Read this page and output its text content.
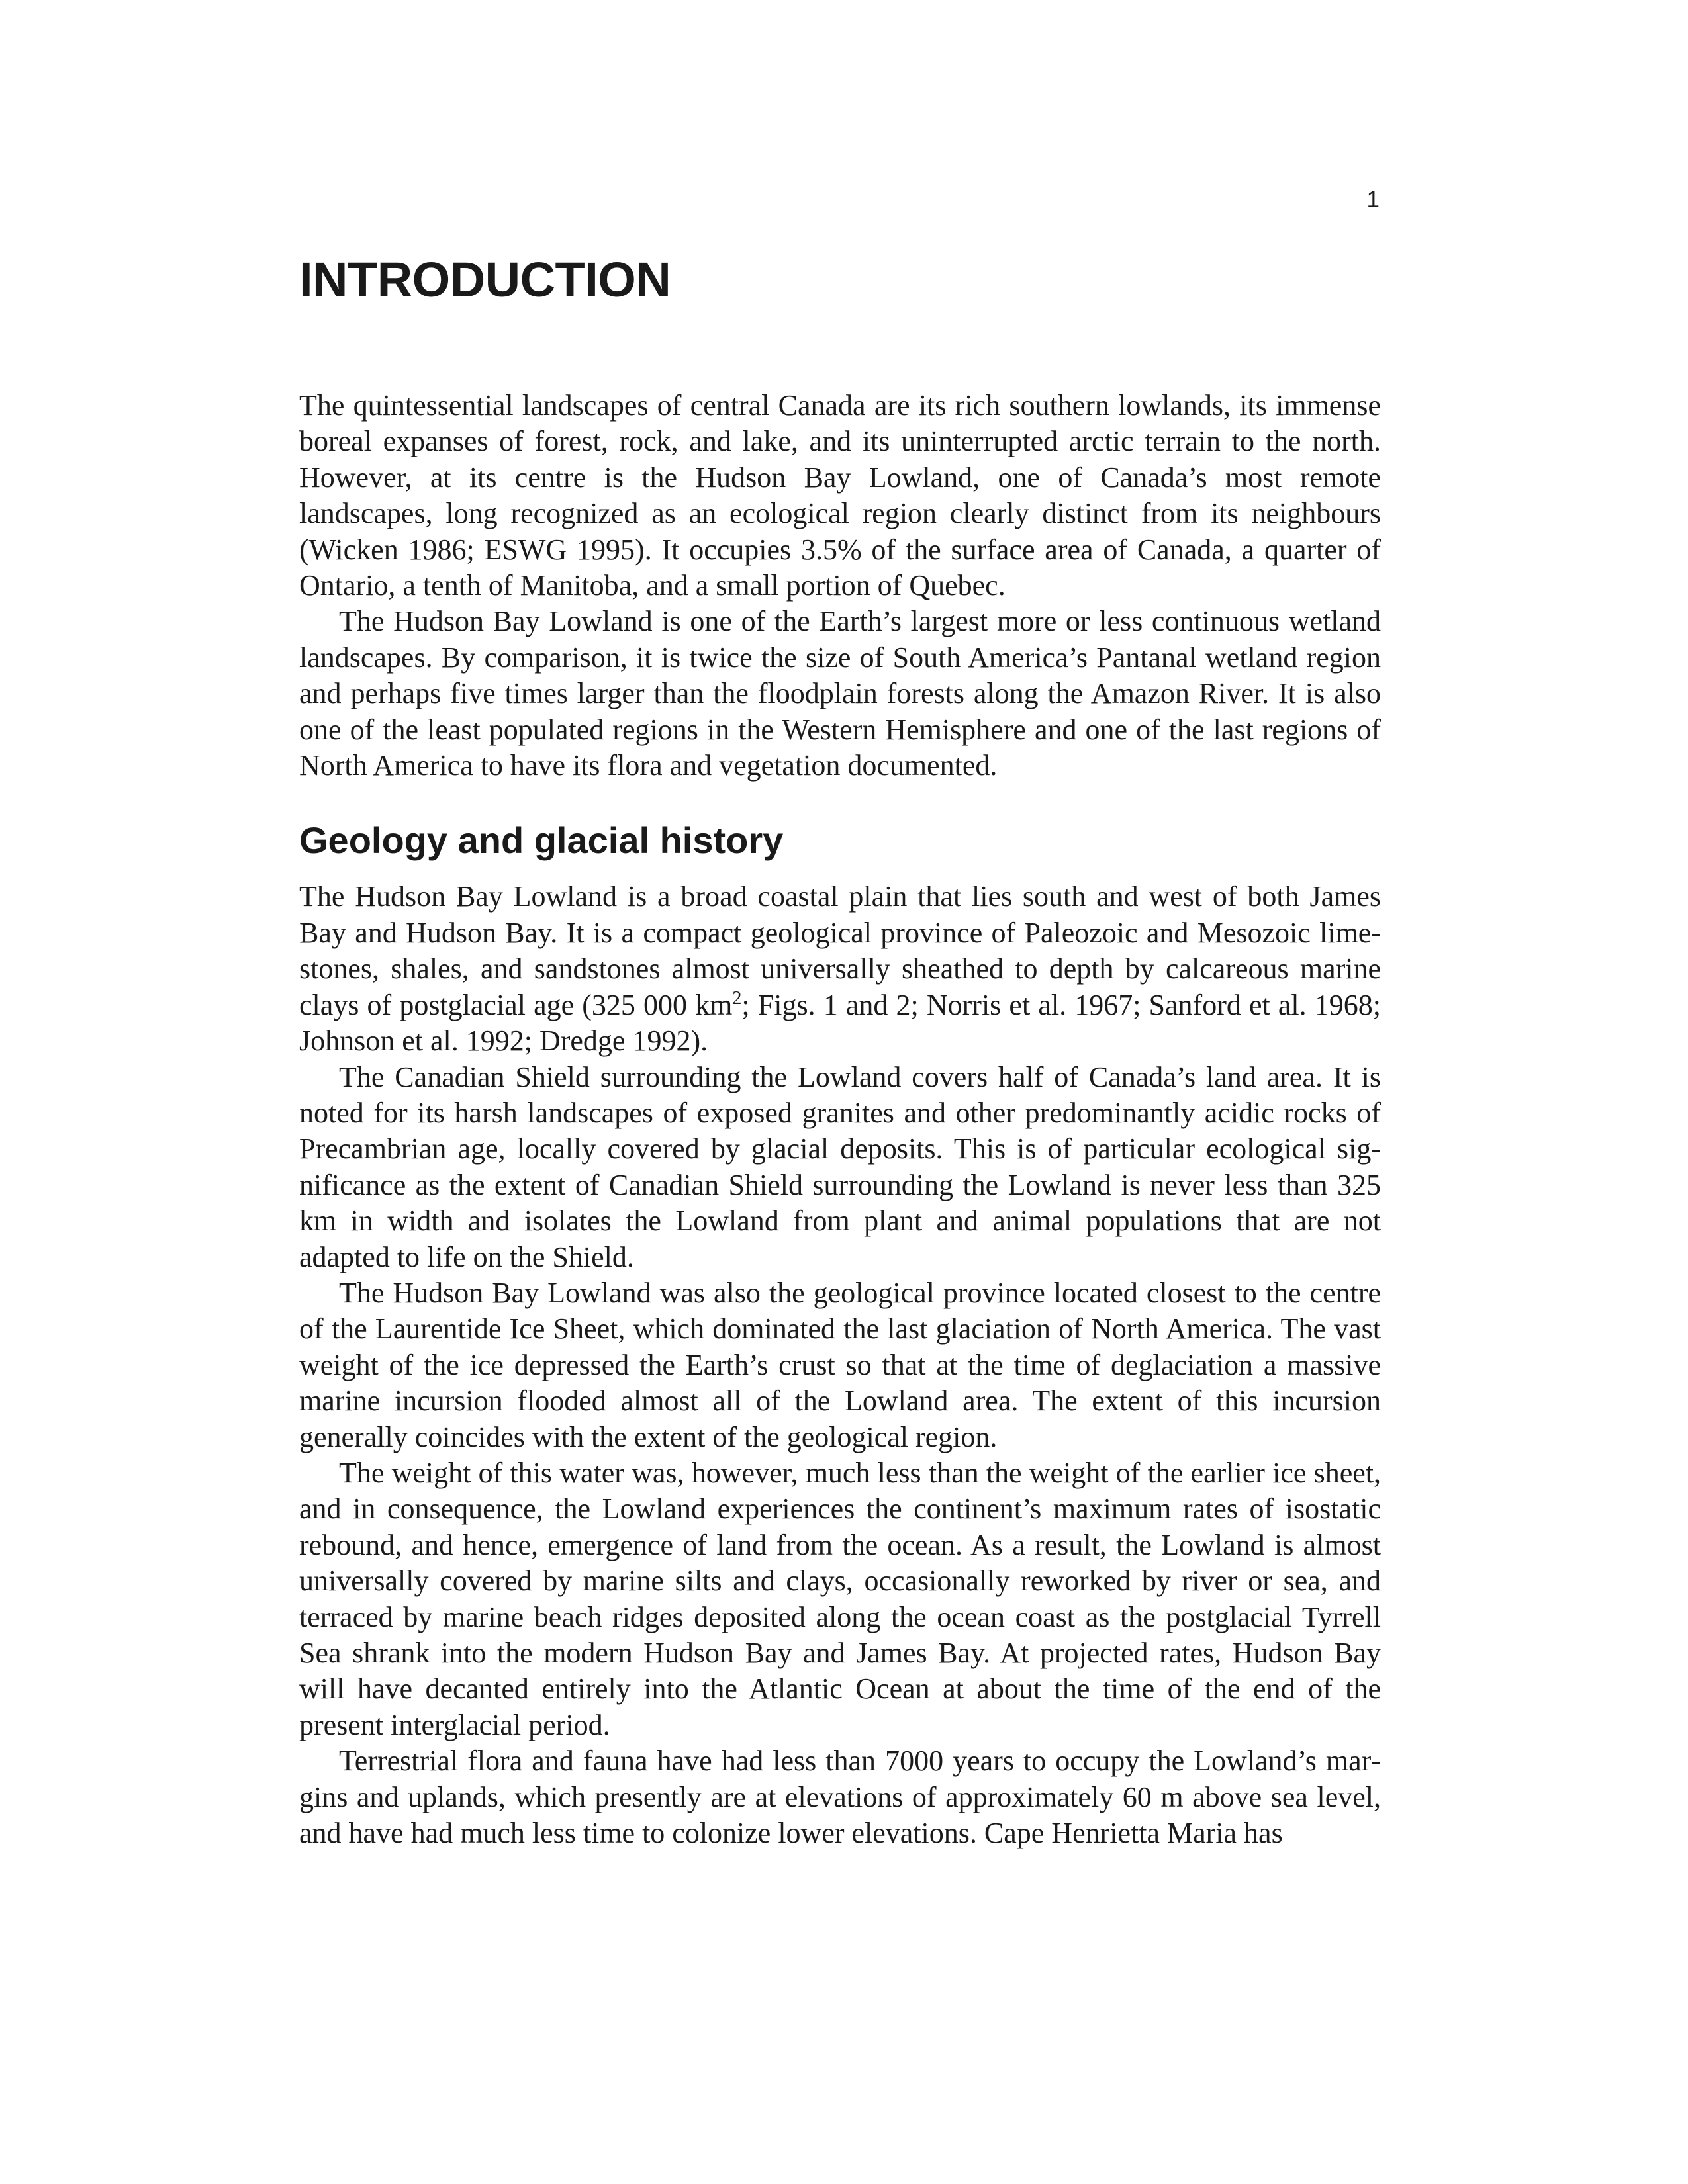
1
INTRODUCTION

The quintessential landscapes of central Canada are its rich southern lowlands, its immense boreal expanses of forest, rock, and lake, and its uninterrupted arctic terrain to the north. However, at its centre is the Hudson Bay Lowland, one of Canada’s most remote landscapes, long recognized as an ecological region clearly distinct from its neighbours (Wicken 1986; ESWG 1995). It occupies 3.5% of the surface area of Canada, a quarter of Ontario, a tenth of Manitoba, and a small portion of Quebec.

The Hudson Bay Lowland is one of the Earth’s largest more or less continuous wetland landscapes. By comparison, it is twice the size of South America’s Pantanal wetland region and perhaps five times larger than the floodplain forests along the Amazon River. It is also one of the least populated regions in the Western Hemisphere and one of the last regions of North America to have its flora and vegetation documented.

Geology and glacial history

The Hudson Bay Lowland is a broad coastal plain that lies south and west of both James Bay and Hudson Bay. It is a compact geological province of Paleozoic and Mesozoic limestones, shales, and sandstones almost universally sheathed to depth by calcareous marine clays of postglacial age (325 000 $km^2$; Figs. 1 and 2; Norris et al. 1967; Sanford et al. 1968; Johnson et al. 1992; Dredge 1992).

The Canadian Shield surrounding the Lowland covers half of Canada’s land area. It is noted for its harsh landscapes of exposed granites and other predominantly acidic rocks of Precambrian age, locally covered by glacial deposits. This is of particular ecological significance as the extent of Canadian Shield surrounding the Lowland is never less than 325 km in width and isolates the Lowland from plant and animal populations that are not adapted to life on the Shield.

The Hudson Bay Lowland was also the geological province located closest to the centre of the Laurentide Ice Sheet, which dominated the last glaciation of North America. The vast weight of the ice depressed the Earth’s crust so that at the time of deglaciation a massive marine incursion flooded almost all of the Lowland area. The extent of this incursion generally coincides with the extent of the geological region.

The weight of this water was, however, much less than the weight of the earlier ice sheet, and in consequence, the Lowland experiences the continent’s maximum rates of isostatic rebound, and hence, emergence of land from the ocean. As a result, the Lowland is almost universally covered by marine silts and clays, occasionally reworked by river or sea, and terraced by marine beach ridges deposited along the ocean coast as the postglacial Tyrrell Sea shrank into the modern Hudson Bay and James Bay. At projected rates, Hudson Bay will have decanted entirely into the Atlantic Ocean at about the time of the end of the present interglacial period.

Terrestrial flora and fauna have had less than 7000 years to occupy the Lowland’s margins and uplands, which presently are at elevations of approximately 60 m above sea level, and have had much less time to colonize lower elevations. Cape Henrietta Maria has
